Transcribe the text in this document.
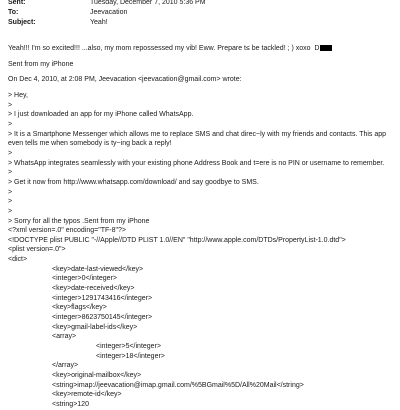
Sent:	Tuesday, December 7, 2010 5:36 PM
To:	Jeevacation
Subject:	Yeah!
Yeah!!! I'm so excited!!! ...also, my mom repossessed my vib! Eww. Prepare t≤ be tackled! ; ) xoxo  D
Sent from my iPhone
On Dec 4, 2010, at 2:08 PM, Jeevacation <jeevacation@gmail.com> wrote:
> Hey,
>
> I just downloaded an app for my iPhone called WhatsApp.
>
> It is a Smartphone Messenger which allows me to replace SMS and chat direc~ly with my friends and contacts. This app even tells me when somebody is ty~ing back a reply!
>
> WhatsApp integrates seamlessly with your existing phone Address Book and t=ere is no PIN or username to remember.
>
> Get it now from http://www.whatsapp.com/download/ and say goodbye to SMS.
>
>
>
> Sorry for all the typos .Sent from my iPhone
<?xml version=.0" encoding="TF-8"?>
<!DOCTYPE plist PUBLIC "-//Apple//DTD PLIST 1.0//EN" "http://www.apple.com/DTDs/PropertyList-1.0.dtd">
<plist version=.0">
<dict>
<key>date-last-viewed</key>
<integer>0</integer>
<key>date-received</key>
<integer>1291743416</integer>
<key>flags</key>
<integer>8623750145</integer>
<key>gmail-label-ids</key>
<array>
<integer>5</integer>
<integer>18</integer>
</array>
<key>original-mailbox</key>
<string>imap://jeevacation@imap.gmail.com/%5BGmail%5D/All%20Mail</string>
<key>remote-id</key>
<string>120
